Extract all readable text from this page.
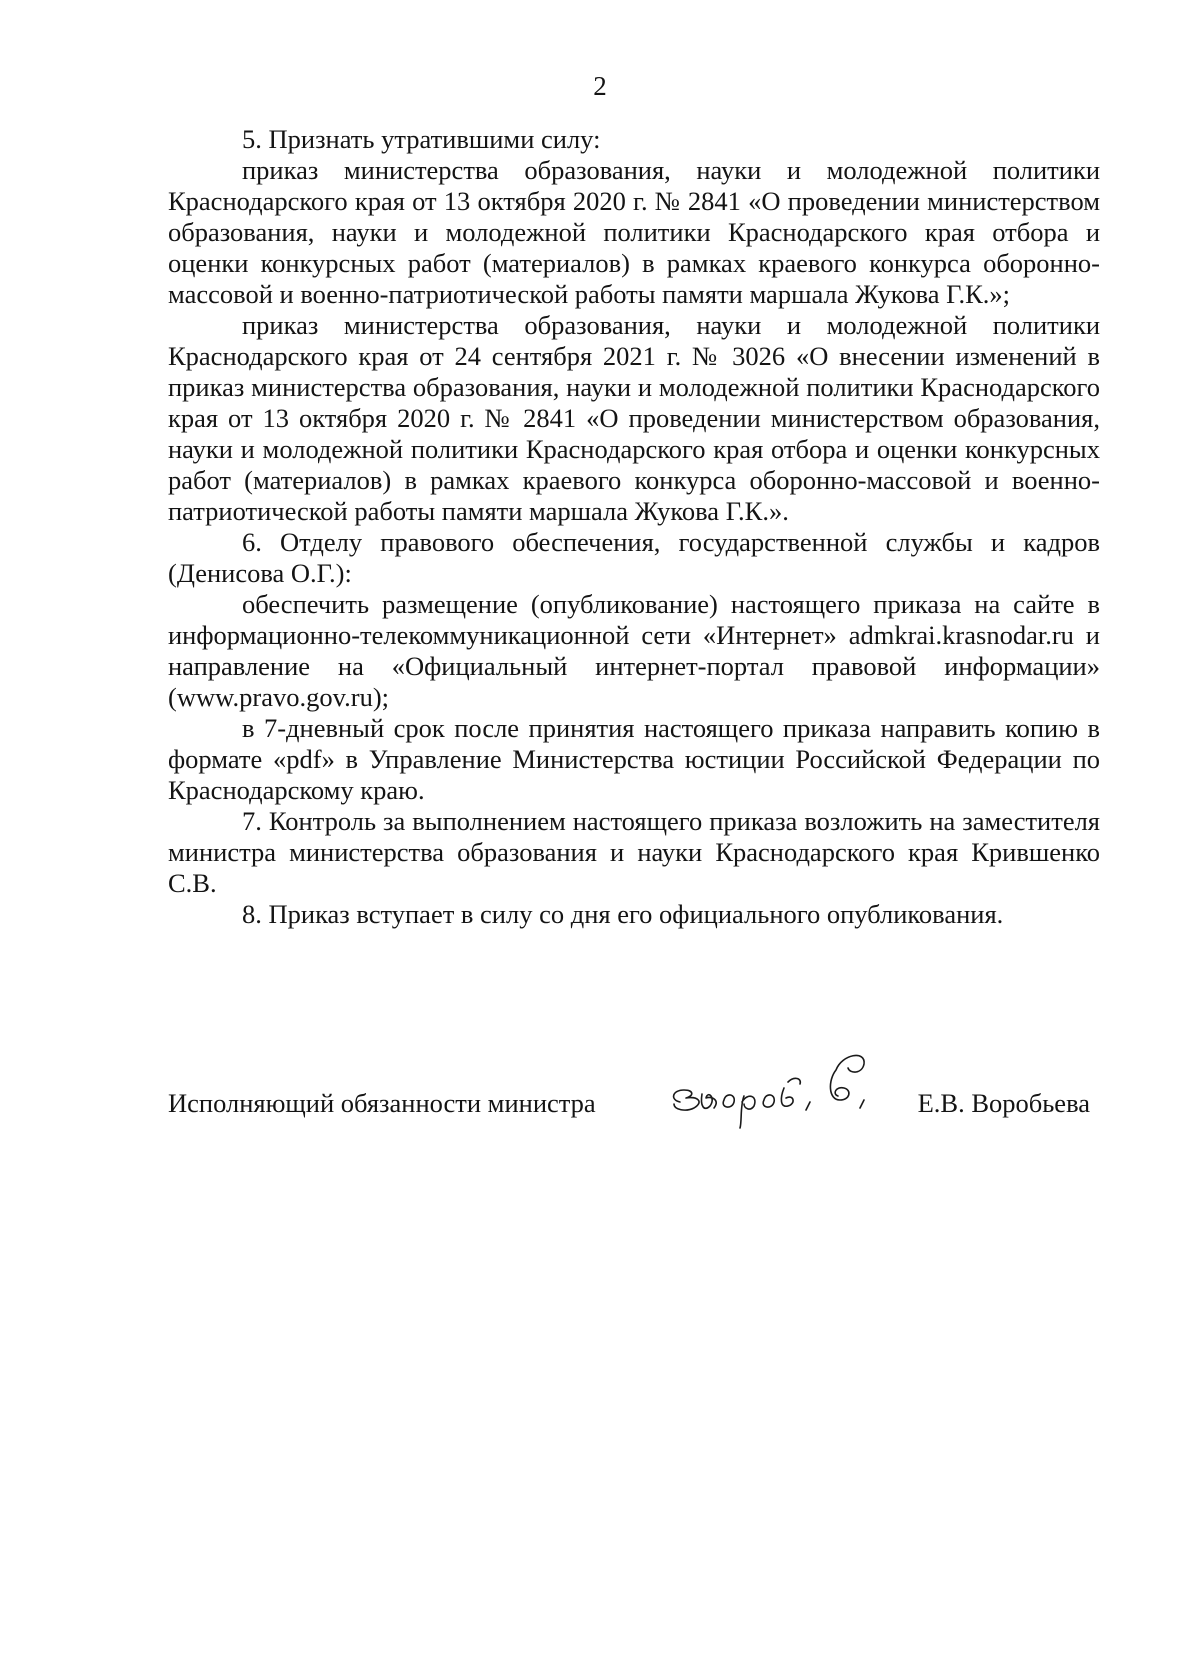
2

5. Признать утратившими силу:

приказ министерства образования, науки и молодежной политики Краснодарского края от 13 октября 2020 г. № 2841 «О проведении министерством образования, науки и молодежной политики Краснодарского края отбора и оценки конкурсных работ (материалов) в рамках краевого конкурса оборонно-массовой и военно-патриотической работы памяти маршала Жукова Г.К.»;

приказ министерства образования, науки и молодежной политики Краснодарского края от 24 сентября 2021 г. № 3026 «О внесении изменений в приказ министерства образования, науки и молодежной политики Краснодарского края от 13 октября 2020 г. № 2841 «О проведении министерством образования, науки и молодежной политики Краснодарского края отбора и оценки конкурсных работ (материалов) в рамках краевого конкурса оборонно-массовой и военно-патриотической работы памяти маршала Жукова Г.К.».

6. Отделу правового обеспечения, государственной службы и кадров (Денисова О.Г.):

обеспечить размещение (опубликование) настоящего приказа на сайте в информационно-телекоммуникационной сети «Интернет» admkrai.krasnodar.ru и направление на «Официальный интернет-портал правовой информации» (www.pravo.gov.ru);

в 7-дневный срок после принятия настоящего приказа направить копию в формате «pdf» в Управление Министерства юстиции Российской Федерации по Краснодарскому краю.

7. Контроль за выполнением настоящего приказа возложить на заместителя министра министерства образования и науки Краснодарского края Крившенко С.В.

8. Приказ вступает в силу со дня его официального опубликования.

Исполняющий обязанности министра	Е.В. Воробьева
